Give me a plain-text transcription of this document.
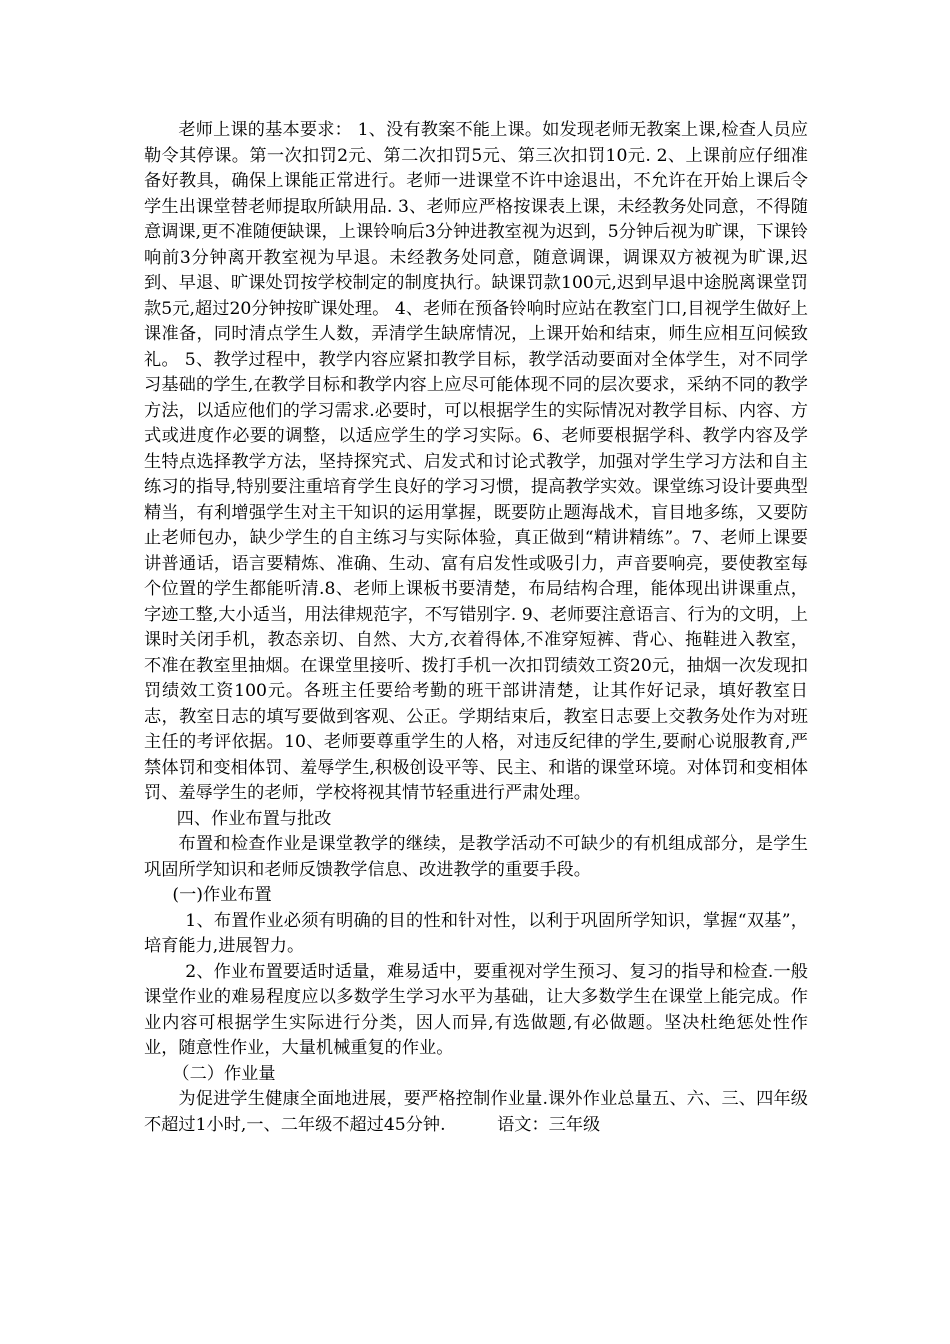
老师上课的基本要求： 1、没有教案不能上课。如发现老师无教案上课,检查人员应勒令其停课。第一次扣罚2元、第二次扣罚5元、第三次扣罚10元. 2、上课前应仔细准备好教具，确保上课能正常进行。老师一进课堂不许中途退出，不允许在开始上课后令学生出课堂替老师提取所缺用品. 3、老师应严格按课表上课，未经教务处同意，不得随意调课,更不准随便缺课，上课铃响后3分钟进教室视为迟到，5分钟后视为旷课，下课铃响前3分钟离开教室视为早退。未经教务处同意，随意调课，调课双方被视为旷课,迟到、早退、旷课处罚按学校制定的制度执行。缺课罚款100元,迟到早退中途脱离课堂罚款5元,超过20分钟按旷课处理。 4、老师在预备铃响时应站在教室门口,目视学生做好上课准备，同时清点学生人数，弄清学生缺席情况，上课开始和结束，师生应相互问候致礼。 5、教学过程中，教学内容应紧扣教学目标，教学活动要面对全体学生，对不同学习基础的学生,在教学目标和教学内容上应尽可能体现不同的层次要求，采纳不同的教学方法，以适应他们的学习需求.必要时，可以根据学生的实际情况对教学目标、内容、方式或进度作必要的调整，以适应学生的学习实际。6、老师要根据学科、教学内容及学生特点选择教学方法，坚持探究式、启发式和讨论式教学，加强对学生学习方法和自主练习的指导,特别要注重培育学生良好的学习习惯，提高教学实效。课堂练习设计要典型精当，有利增强学生对主干知识的运用掌握，既要防止题海战术，盲目地多练，又要防止老师包办，缺少学生的自主练习与实际体验，真正做到“精讲精练”。7、老师上课要讲普通话，语言要精炼、准确、生动、富有启发性或吸引力，声音要响亮，要使教室每个位置的学生都能听清.8、老师上课板书要清楚，布局结构合理，能体现出讲课重点，字迹工整,大小适当，用法律规范字，不写错别字. 9、老师要注意语言、行为的文明，上课时关闭手机，教态亲切、自然、大方,衣着得体,不准穿短裤、背心、拖鞋进入教室，不准在教室里抽烟。在课堂里接听、拨打手机一次扣罚绩效工资20元，抽烟一次发现扣罚绩效工资100元。各班主任要给考勤的班干部讲清楚，让其作好记录，填好教室日志，教室日志的填写要做到客观、公正。学期结束后，教室日志要上交教务处作为对班主任的考评依据。10、老师要尊重学生的人格，对违反纪律的学生,要耐心说服教育,严禁体罚和变相体罚、羞辱学生,积极创设平等、民主、和谐的课堂环境。对体罚和变相体罚、羞辱学生的老师，学校将视其情节轻重进行严肃处理。

四、作业布置与批改

布置和检查作业是课堂教学的继续，是教学活动不可缺少的有机组成部分，是学生巩固所学知识和老师反馈教学信息、改进教学的重要手段。

(一)作业布置

1、布置作业必须有明确的目的性和针对性，以利于巩固所学知识，掌握“双基”，培育能力,进展智力。

2、作业布置要适时适量，难易适中，要重视对学生预习、复习的指导和检查.一般课堂作业的难易程度应以多数学生学习水平为基础，让大多数学生在课堂上能完成。作业内容可根据学生实际进行分类，因人而异,有选做题,有必做题。坚决杜绝惩处性作业，随意性作业，大量机械重复的作业。

（二）作业量

为促进学生健康全面地进展，要严格控制作业量.课外作业总量五、六、三、四年级不超过1小时,一、二年级不超过45分钟.　　　语文：三年级
